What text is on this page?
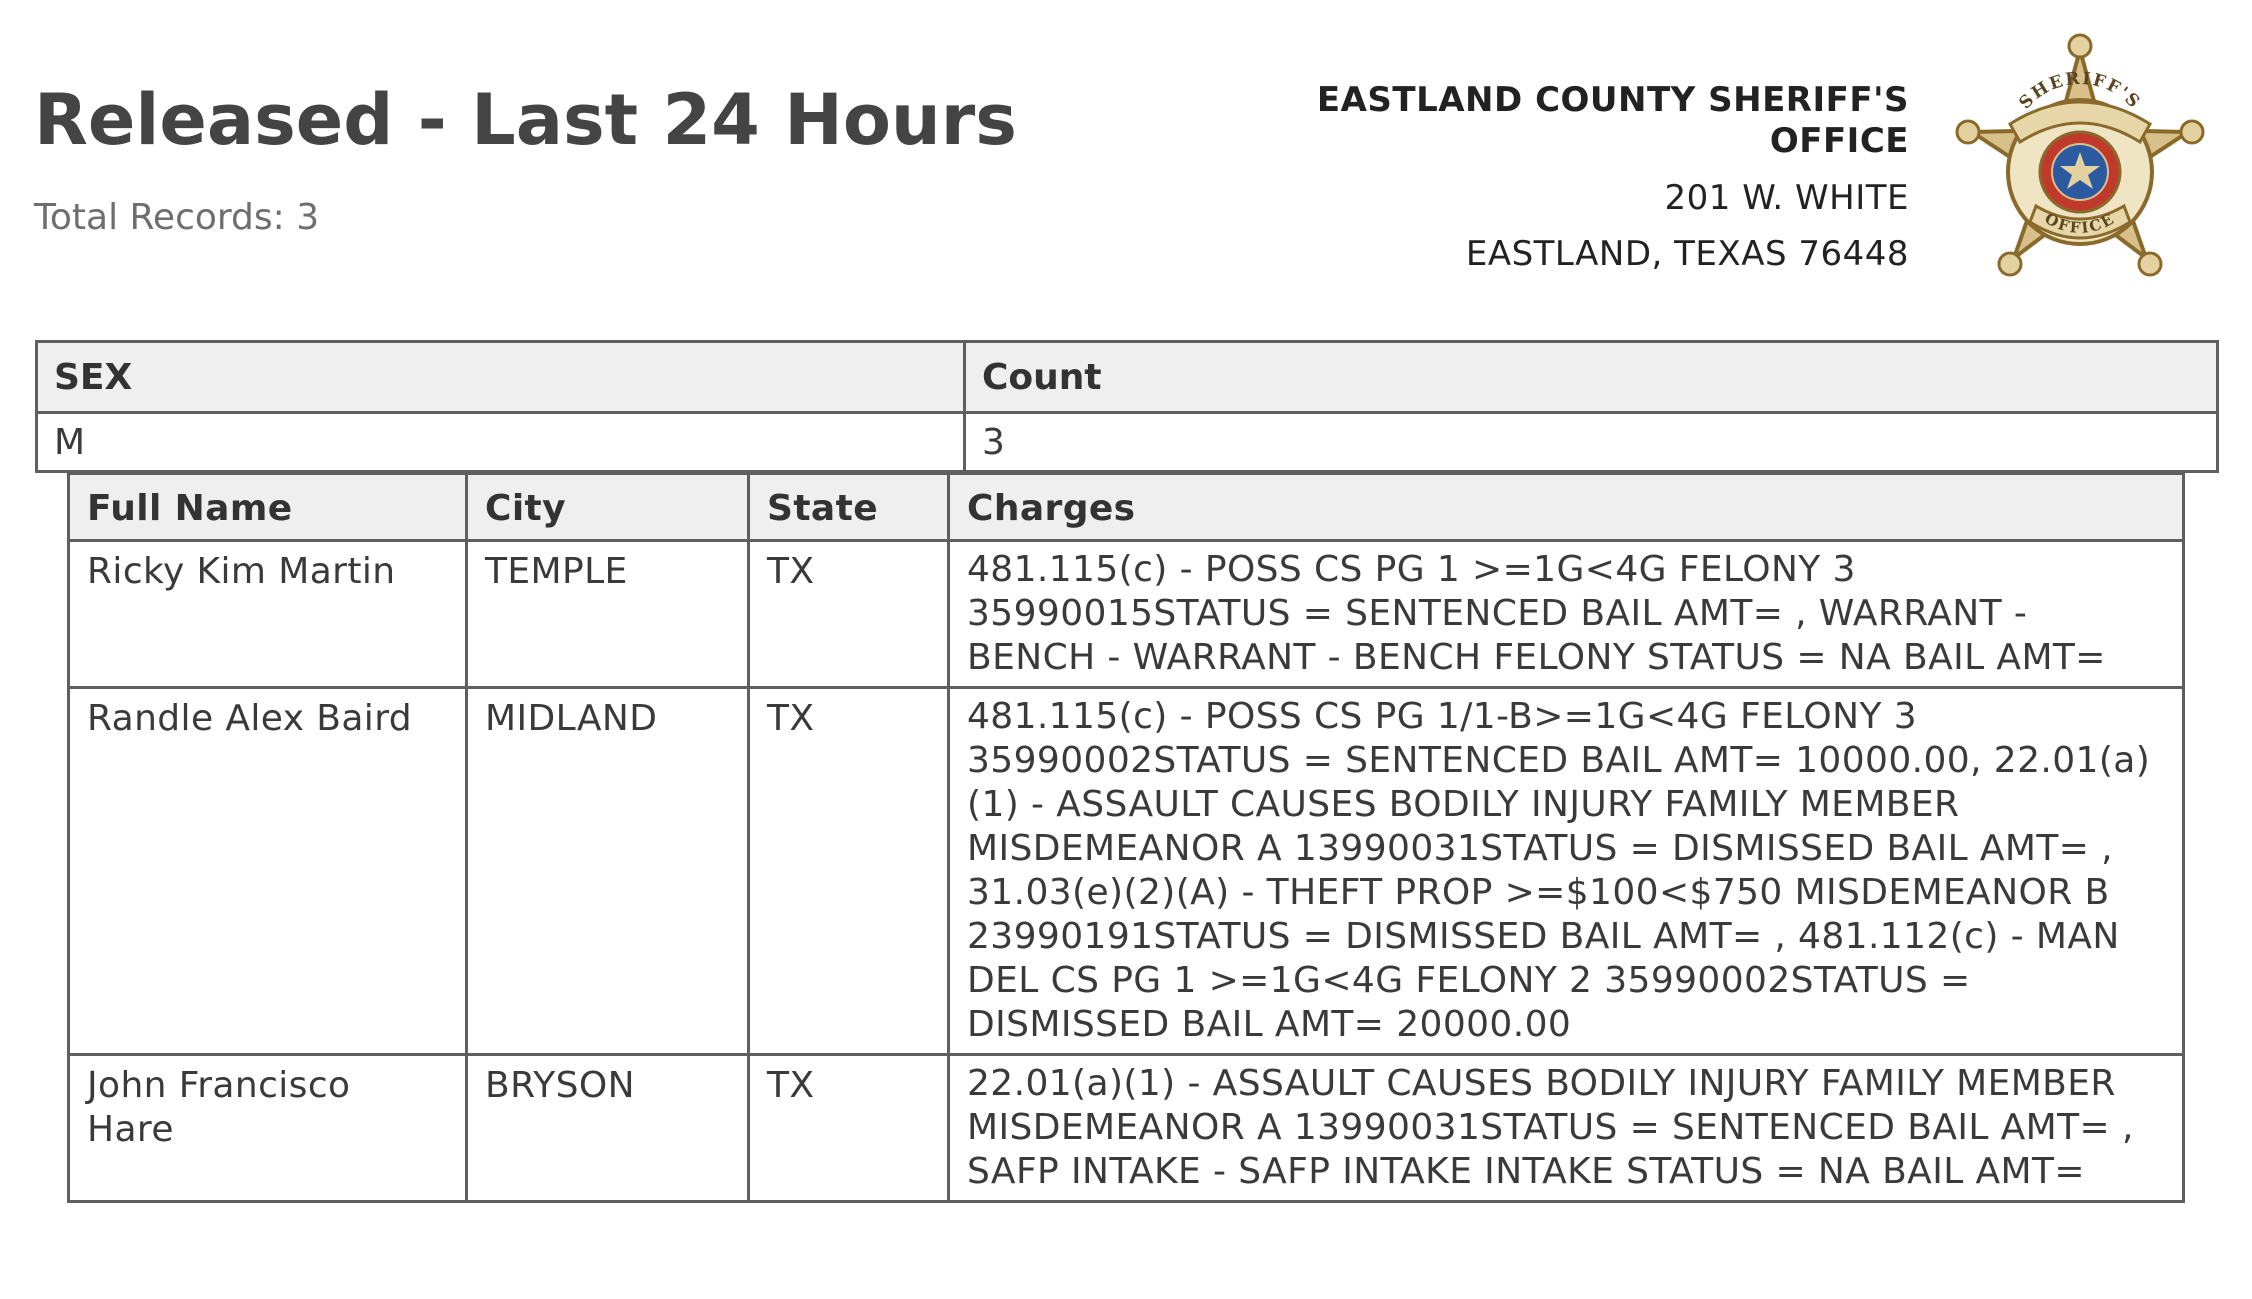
Released - Last 24 Hours
Total Records: 3
EASTLAND COUNTY SHERIFF'S OFFICE
201 W. WHITE
EASTLAND, TEXAS 76448
SHERIFF'S
OFFICE
SEX	Count
M	3
Full Name	City	State	Charges
Ricky Kim Martin	TEMPLE	TX	481.115(c) - POSS CS PG 1 >=1G<4G FELONY 3 35990015STATUS = SENTENCED BAIL AMT= , WARRANT - BENCH - WARRANT - BENCH FELONY STATUS = NA BAIL AMT=
Randle Alex Baird	MIDLAND	TX	481.115(c) - POSS CS PG 1/1-B>=1G<4G FELONY 3 35990002STATUS = SENTENCED BAIL AMT= 10000.00, 22.01(a)(1) - ASSAULT CAUSES BODILY INJURY FAMILY MEMBER MISDEMEANOR A 13990031STATUS = DISMISSED BAIL AMT= , 31.03(e)(2)(A) - THEFT PROP >=$100<$750 MISDEMEANOR B 23990191STATUS = DISMISSED BAIL AMT= , 481.112(c) - MAN DEL CS PG 1 >=1G<4G FELONY 2 35990002STATUS = DISMISSED BAIL AMT= 20000.00
John Francisco Hare	BRYSON	TX	22.01(a)(1) - ASSAULT CAUSES BODILY INJURY FAMILY MEMBER MISDEMEANOR A 13990031STATUS = SENTENCED BAIL AMT= , SAFP INTAKE - SAFP INTAKE INTAKE STATUS = NA BAIL AMT=
